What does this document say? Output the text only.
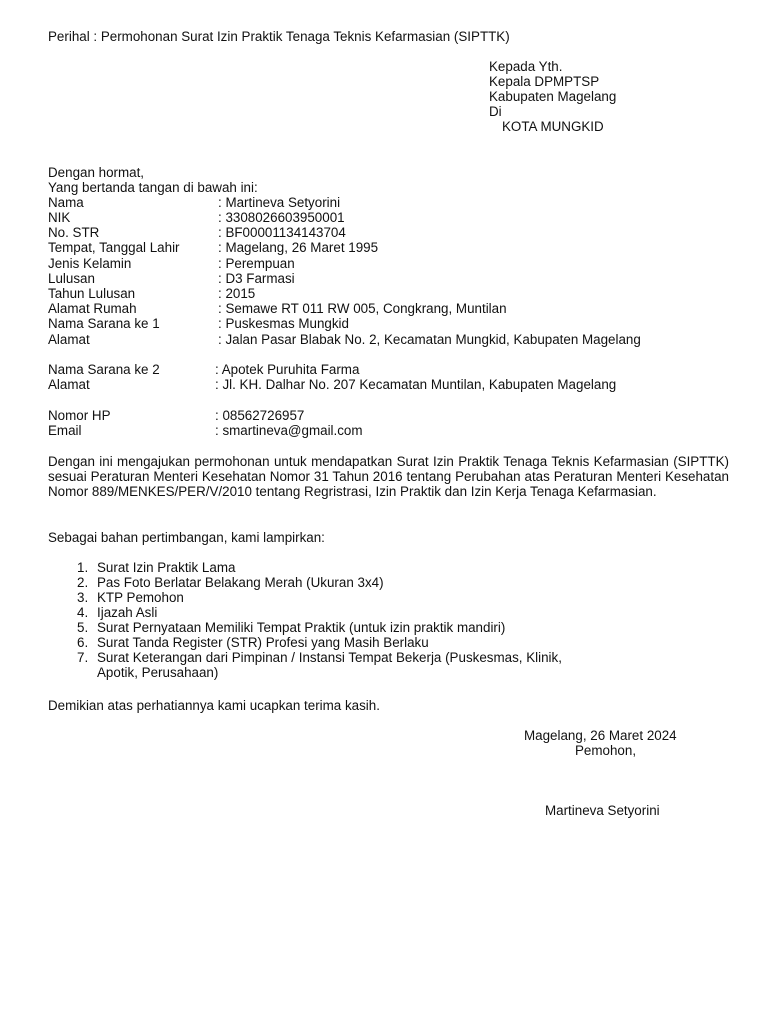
Perihal : Permohonan Surat Izin Praktik Tenaga Teknis Kefarmasian (SIPTTK)
Kepada Yth.
Kepala DPMPTSP
Kabupaten Magelang
Di
KOTA MUNGKID
Dengan hormat,
Yang bertanda tangan di bawah ini:
Nama	: Martineva Setyorini
NIK	: 3308026603950001
No. STR	: BF00001134143704
Tempat, Tanggal Lahir	: Magelang, 26 Maret 1995
Jenis Kelamin	: Perempuan
Lulusan	: D3 Farmasi
Tahun Lulusan	: 2015
Alamat Rumah	: Semawe RT 011 RW 005, Congkrang, Muntilan
Nama Sarana ke 1	: Puskesmas Mungkid
Alamat	: Jalan Pasar Blabak No. 2, Kecamatan Mungkid, Kabupaten Magelang
Nama Sarana ke 2	: Apotek Puruhita Farma
Alamat	: Jl. KH. Dalhar No. 207 Kecamatan Muntilan, Kabupaten Magelang
Nomor HP	: 08562726957
Email	: smartineva@gmail.com
Dengan ini mengajukan permohonan untuk mendapatkan Surat Izin Praktik Tenaga Teknis Kefarmasian (SIPTTK) sesuai Peraturan Menteri Kesehatan Nomor 31 Tahun 2016 tentang Perubahan atas Peraturan Menteri Kesehatan Nomor 889/MENKES/PER/V/2010 tentang Regristrasi, Izin Praktik dan Izin Kerja Tenaga Kefarmasian.
Sebagai bahan pertimbangan, kami lampirkan:
1. Surat Izin Praktik Lama
2. Pas Foto Berlatar Belakang Merah (Ukuran 3x4)
3. KTP Pemohon
4. Ijazah Asli
5. Surat Pernyataan Memiliki Tempat Praktik (untuk izin praktik mandiri)
6. Surat Tanda Register (STR) Profesi yang Masih Berlaku
7. Surat Keterangan dari Pimpinan / Instansi Tempat Bekerja (Puskesmas, Klinik,
Apotik, Perusahaan)
Demikian atas perhatiannya kami ucapkan terima kasih.
Magelang, 26 Maret 2024
Pemohon,
Martineva Setyorini
